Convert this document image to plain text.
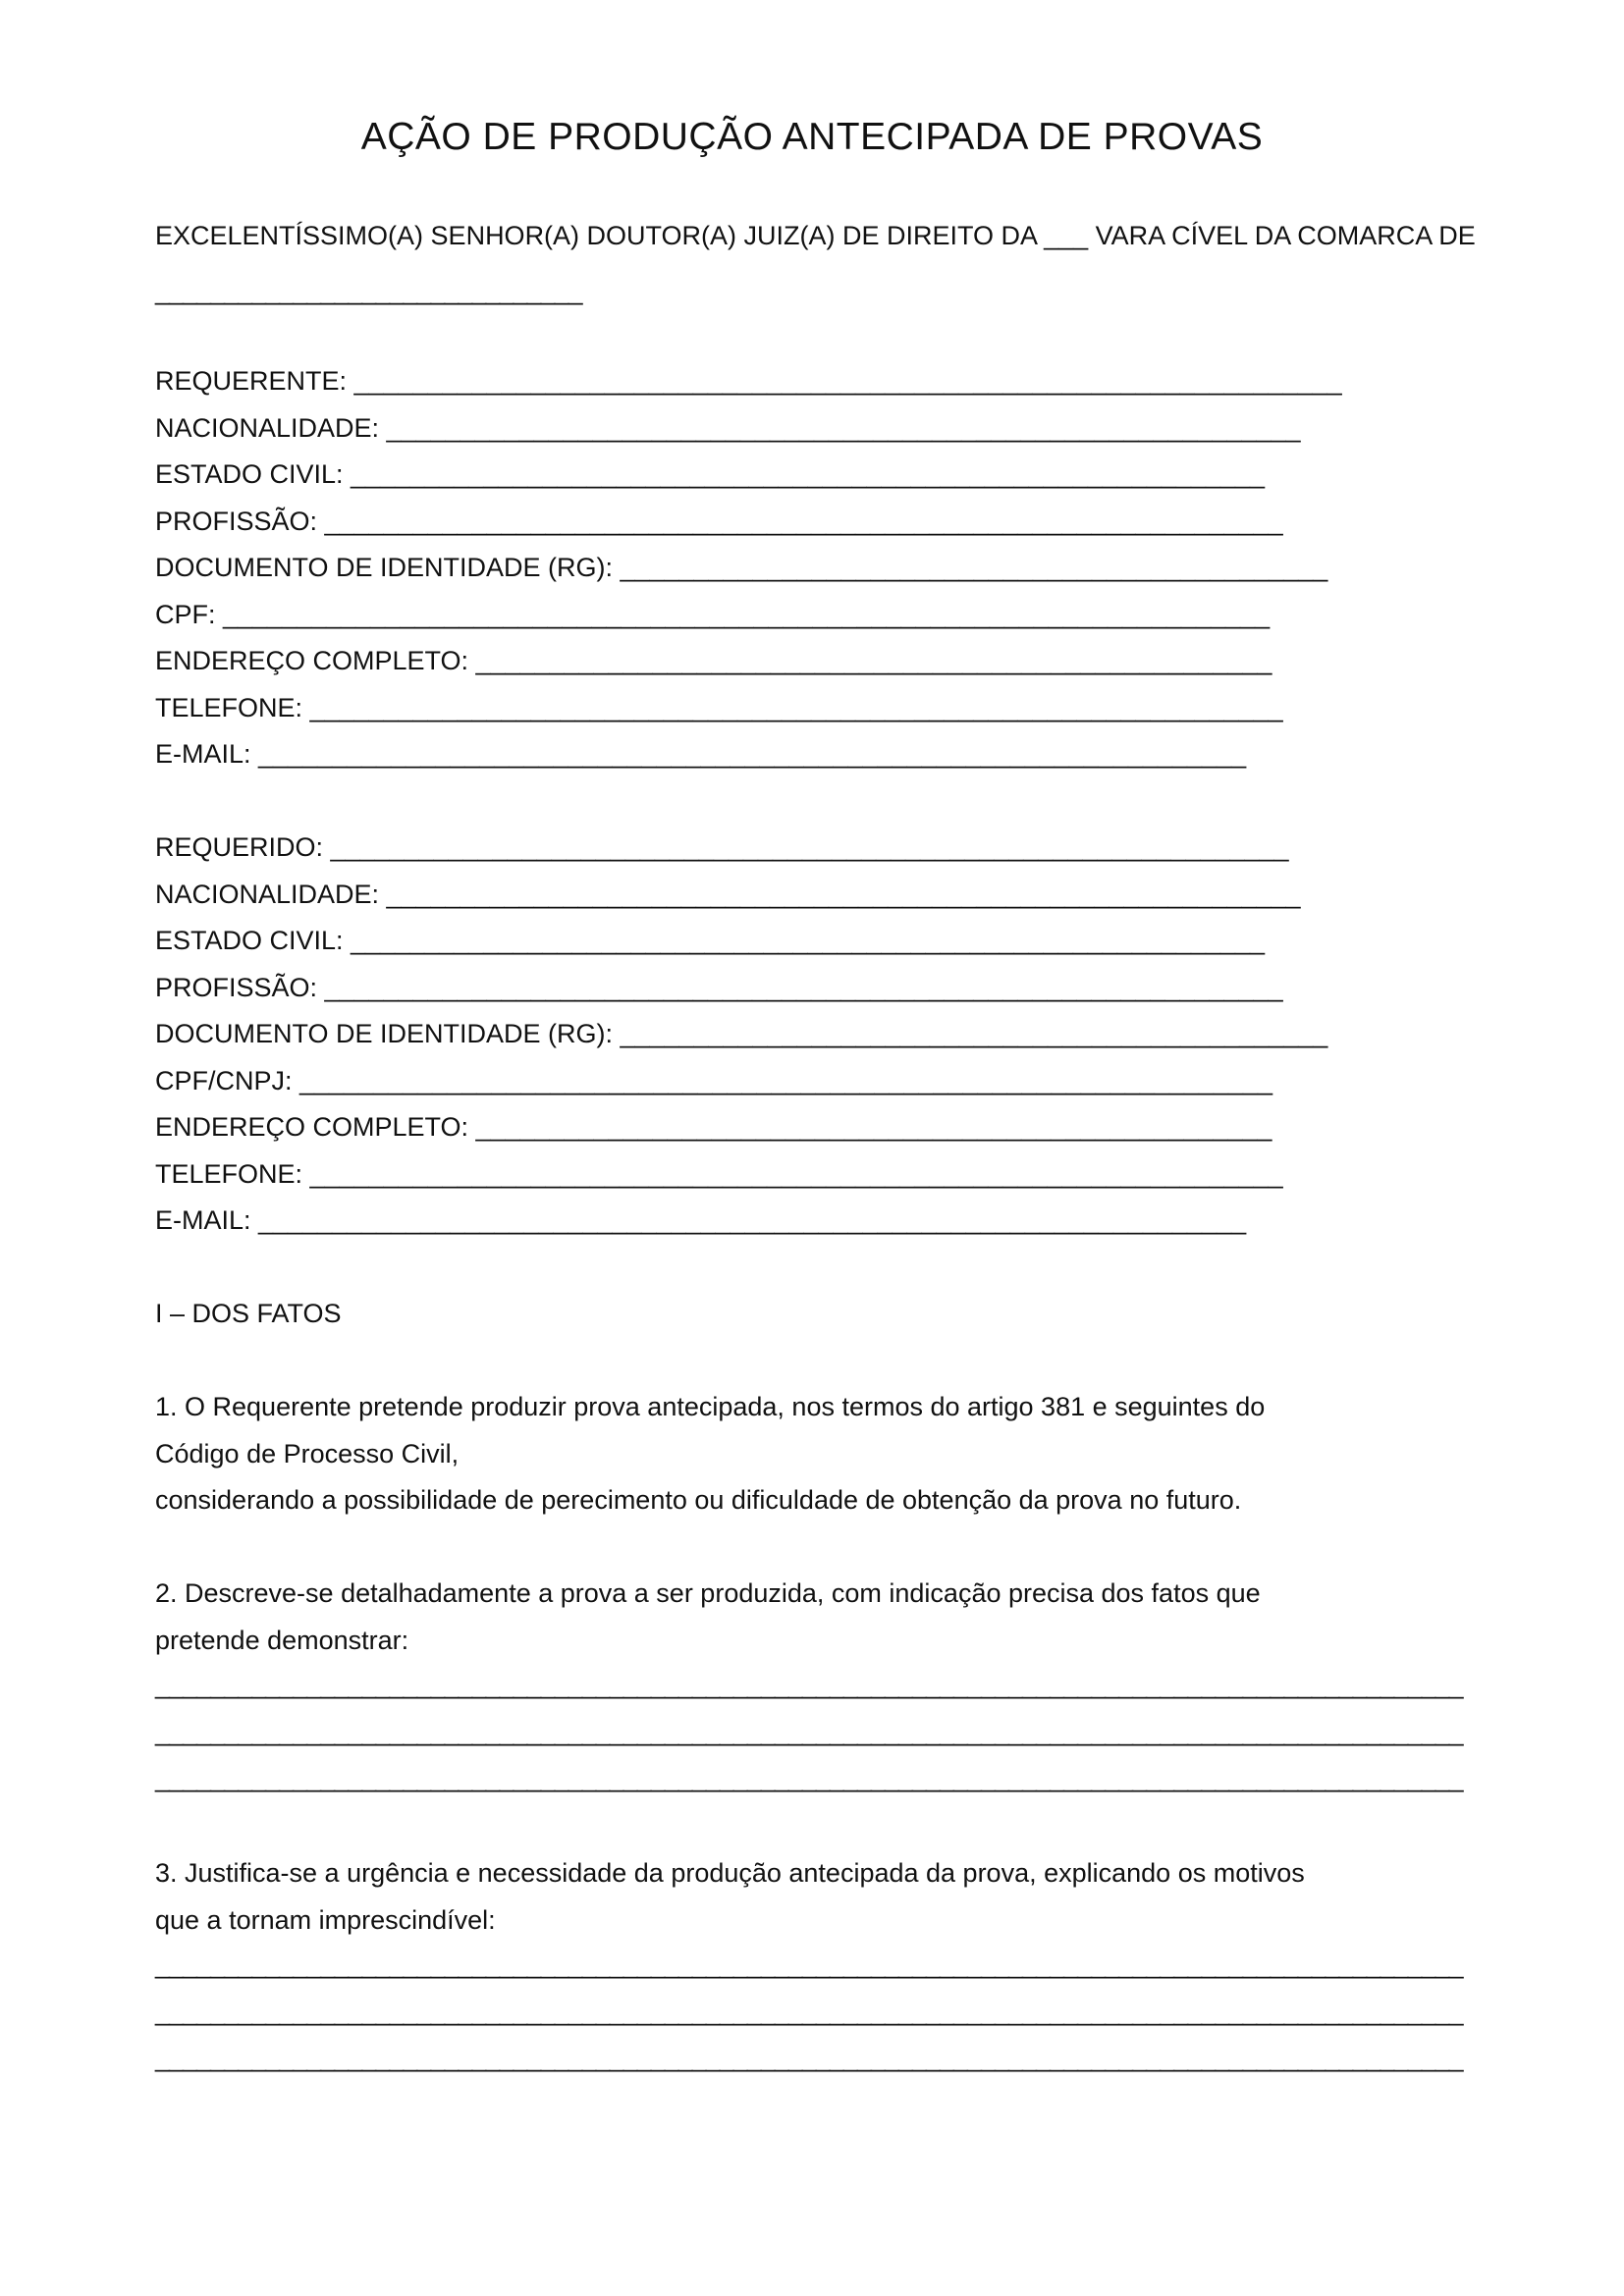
AÇÃO DE PRODUÇÃO ANTECIPADA DE PROVAS
EXCELENTÍSSIMO(A) SENHOR(A) DOUTOR(A) JUIZ(A) DE DIREITO DA ___ VARA CÍVEL DA COMARCA DE
_______________________________
REQUERENTE: ___________________________________________________________________
NACIONALIDADE: ______________________________________________________________
ESTADO CIVIL: ______________________________________________________________
PROFISSÃO: _________________________________________________________________
DOCUMENTO DE IDENTIDADE (RG): ________________________________________________
CPF: _______________________________________________________________________
ENDEREÇO COMPLETO: ______________________________________________________
TELEFONE: __________________________________________________________________
E-MAIL: ___________________________________________________________________
REQUERIDO: _________________________________________________________________
NACIONALIDADE: ______________________________________________________________
ESTADO CIVIL: ______________________________________________________________
PROFISSÃO: _________________________________________________________________
DOCUMENTO DE IDENTIDADE (RG): ________________________________________________
CPF/CNPJ: __________________________________________________________________
ENDEREÇO COMPLETO: ______________________________________________________
TELEFONE: __________________________________________________________________
E-MAIL: ___________________________________________________________________
I – DOS FATOS
1. O Requerente pretende produzir prova antecipada, nos termos do artigo 381 e seguintes do
Código de Processo Civil,
considerando a possibilidade de perecimento ou dificuldade de obtenção da prova no futuro.
2. Descreve-se detalhadamente a prova a ser produzida, com indicação precisa dos fatos que
pretende demonstrar:
_______________________________________________________________________________________________
_______________________________________________________________________________________________
_______________________________________________________________________________________________
3. Justifica-se a urgência e necessidade da produção antecipada da prova, explicando os motivos
que a tornam imprescindível:
_______________________________________________________________________________________________
_______________________________________________________________________________________________
_______________________________________________________________________________________________
